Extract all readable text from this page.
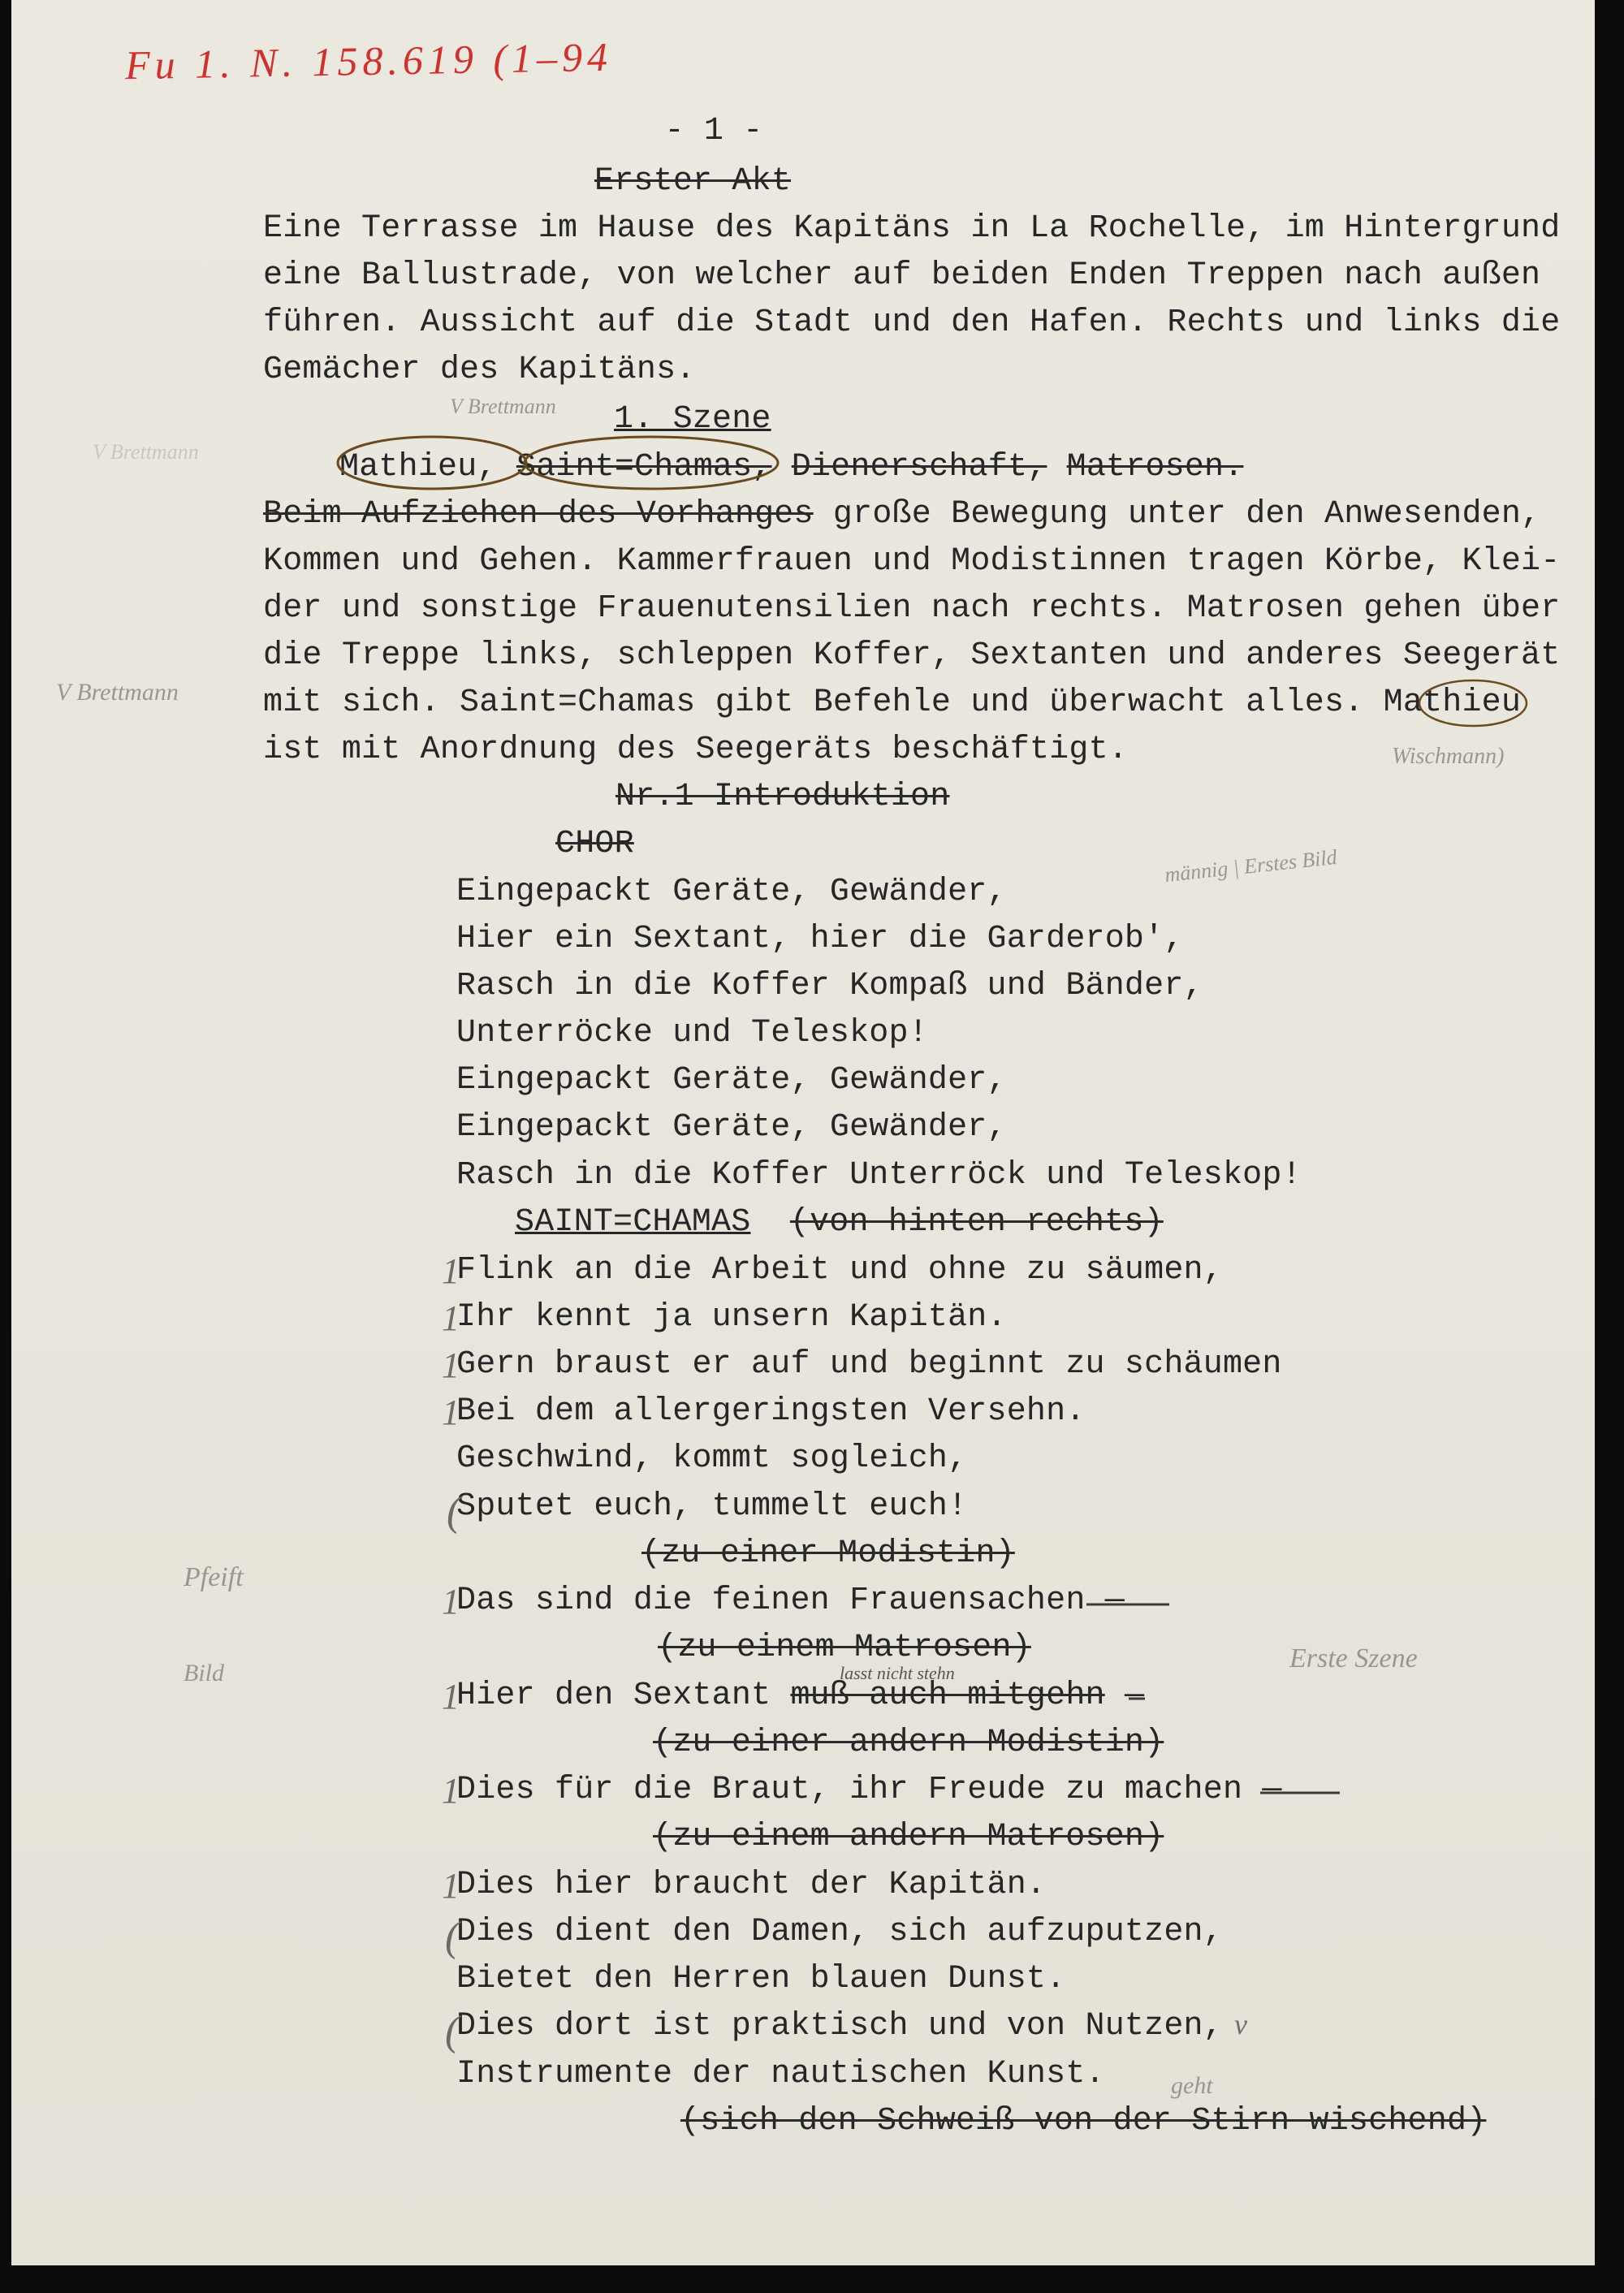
Fu 1. N. 158.619 (1–94
- 1 -
Erster Akt
Eine Terrasse im Hause des Kapitäns in La Rochelle, im Hintergrund
eine Ballustrade, von welcher auf beiden Enden Treppen nach außen
führen. Aussicht auf die Stadt und den Hafen. Rechts und links die
Gemächer des Kapitäns.
1. Szene
Mathieu, Saint=Chamas, Dienerschaft, Matrosen.
Beim Aufziehen des Vorhanges große Bewegung unter den Anwesenden,
Kommen und Gehen. Kammerfrauen und Modistinnen tragen Körbe, Klei-
der und sonstige Frauenutensilien nach rechts. Matrosen gehen über
die Treppe links, schleppen Koffer, Sextanten und anderes Seegerät
mit sich. Saint=Chamas gibt Befehle und überwacht alles. Mathieu
ist mit Anordnung des Seegeräts beschäftigt.
Nr.1 Introduktion
CHOR
Eingepackt Geräte, Gewänder,
Hier ein Sextant, hier die Garderob',
Rasch in die Koffer Kompaß und Bänder,
Unterröcke und Teleskop!
Eingepackt Geräte, Gewänder,
Eingepackt Geräte, Gewänder,
Rasch in die Koffer Unterröck und Teleskop!
SAINT=CHAMAS (von hinten rechts)
Flink an die Arbeit und ohne zu säumen,
Ihr kennt ja unsern Kapitän.
Gern braust er auf und beginnt zu schäumen
Bei dem allergeringsten Versehn.
Geschwind, kommt sogleich,
Sputet euch, tummelt euch!
(zu einer Modistin)
Das sind die feinen Frauensachen —
(zu einem Matrosen)
Hier den Sextant muß auch mitgehn —
(zu einer andern Modistin)
Dies für die Braut, ihr Freude zu machen —
(zu einem andern Matrosen)
Dies hier braucht der Kapitän.
Dies dient den Damen, sich aufzuputzen,
Bietet den Herren blauen Dunst.
Dies dort ist praktisch und von Nutzen,
Instrumente der nautischen Kunst.
(sich den Schweiß von der Stirn wischend)
V Brettmann
V Brettmann
V Brettmann
Wischmann)
männig | Erstes Bild
Pfeift
Bild	Erste Szene
lasst nicht stehn
geht
1
1
1
1
1
1
1
1
(
(
(
v
